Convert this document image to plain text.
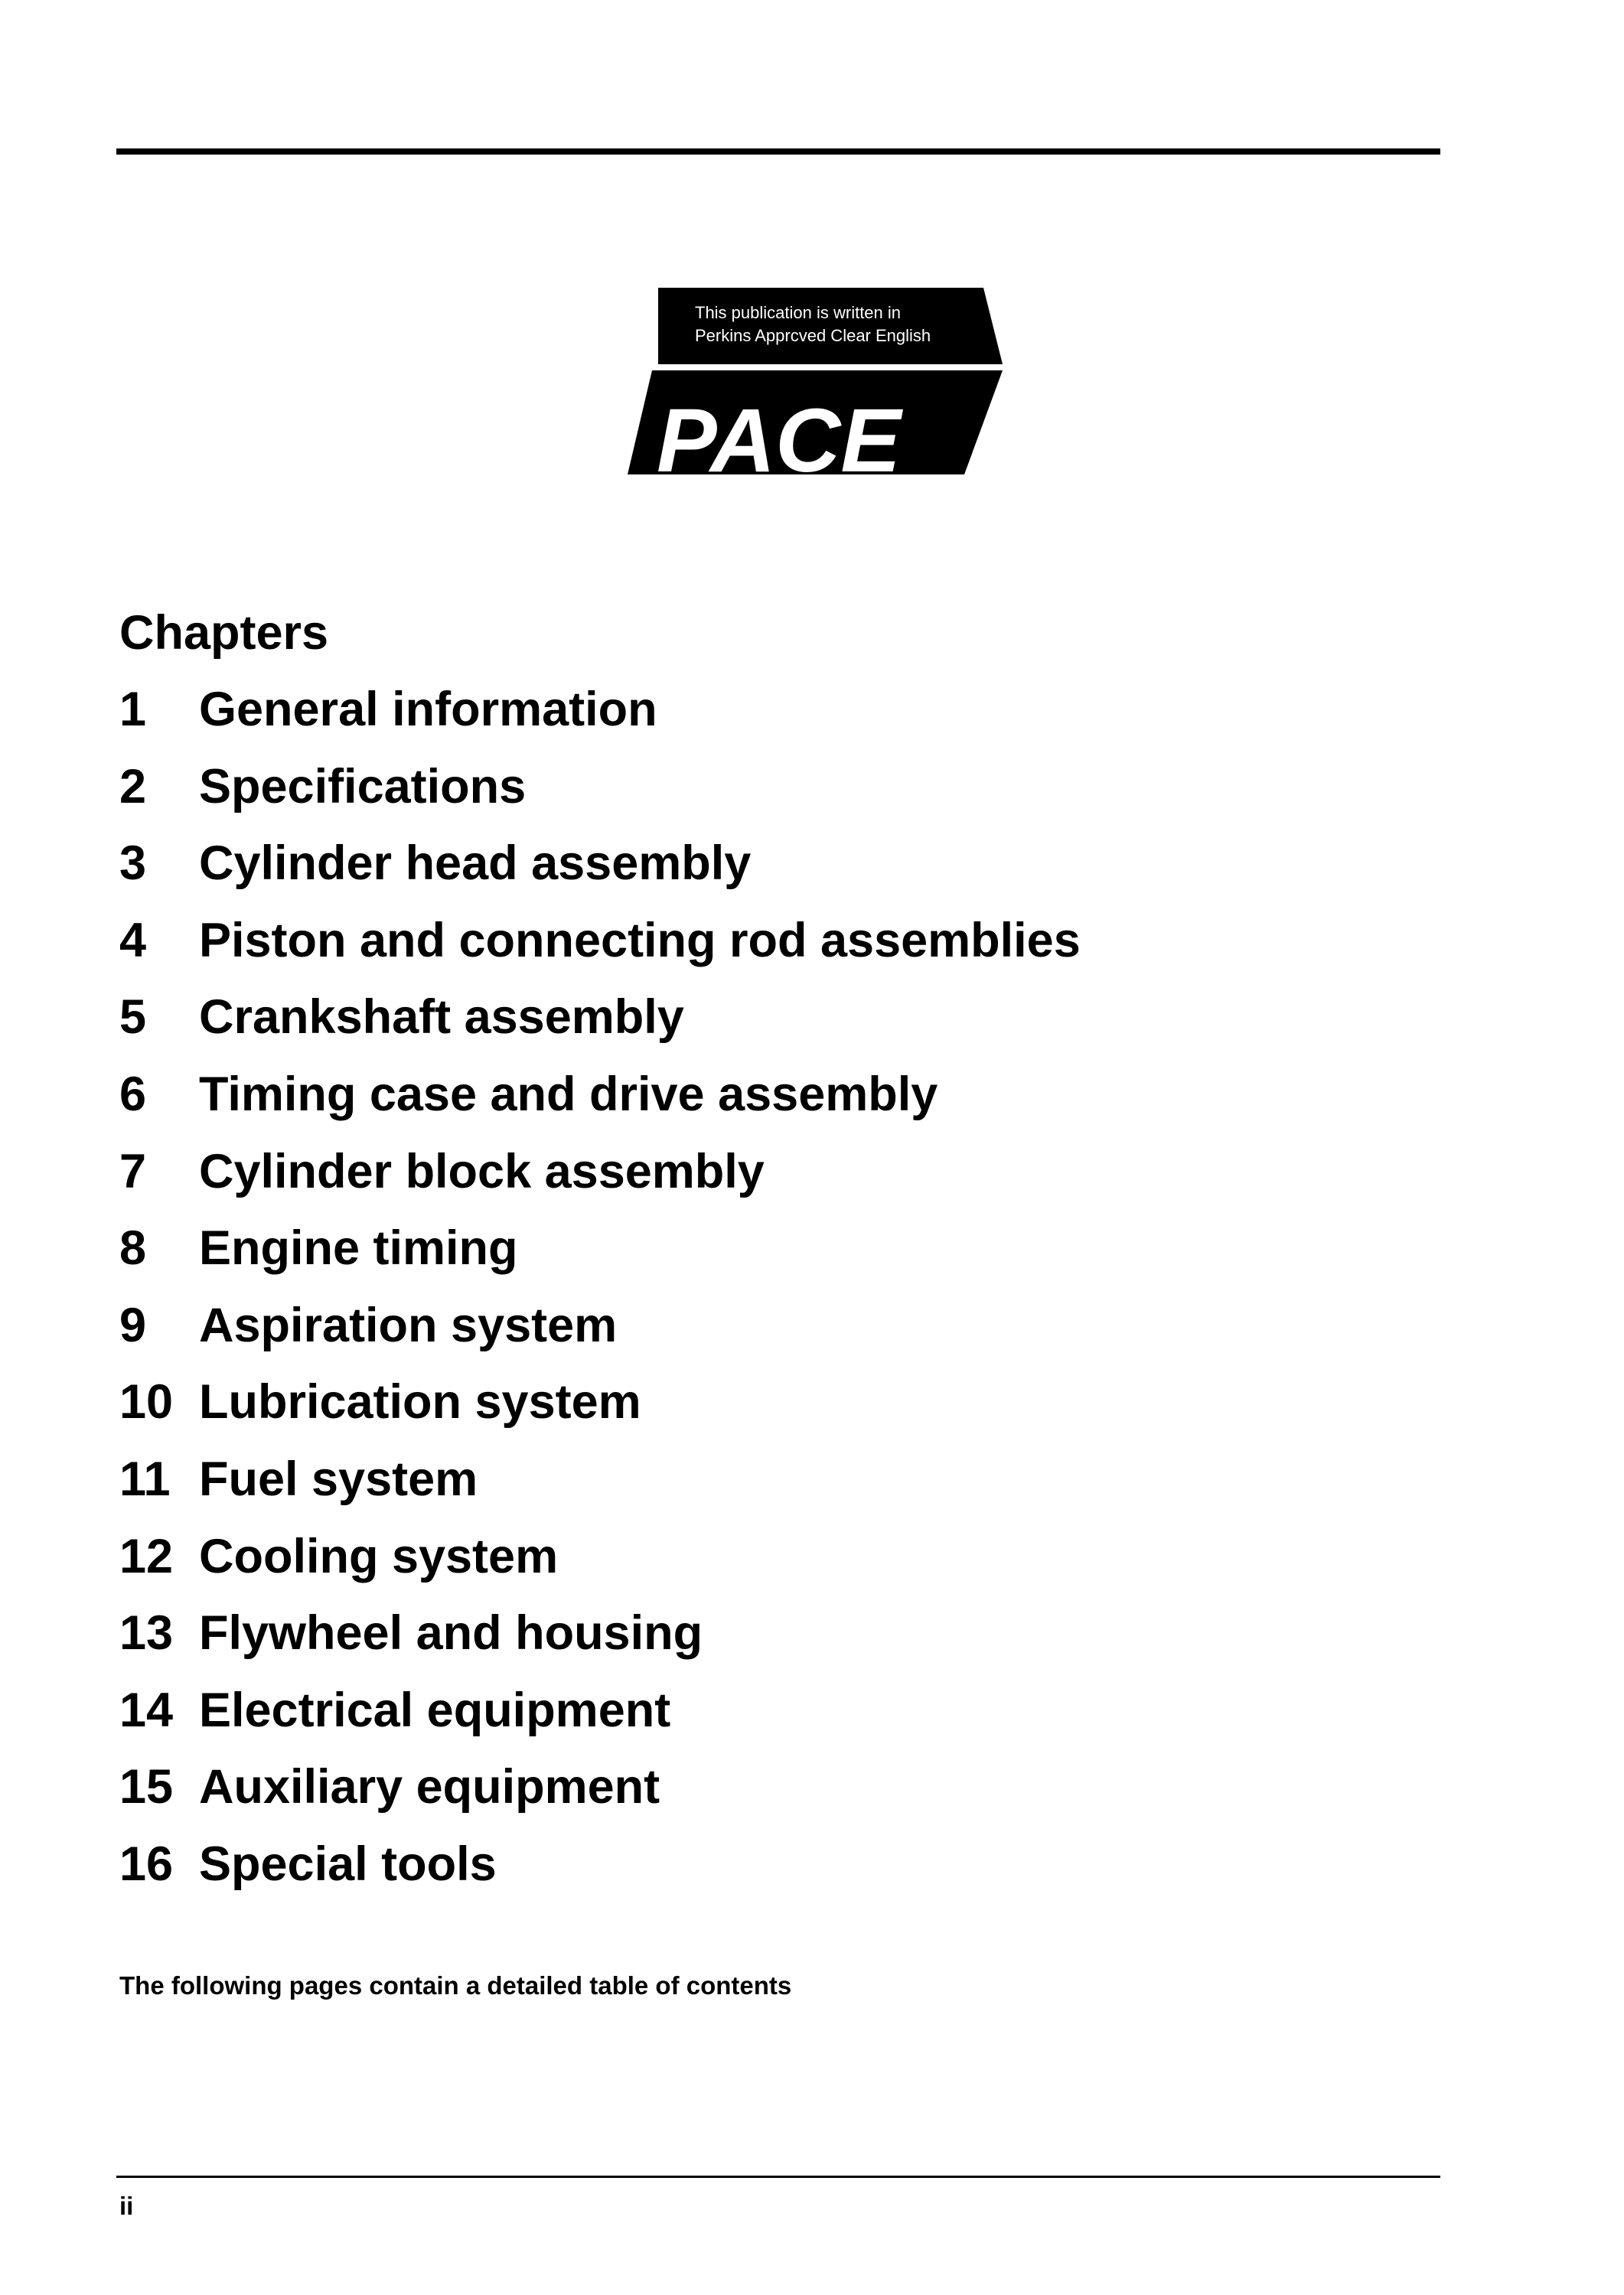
This publication is written in
Perkins Apprcved Clear English
PACE
Chapters
1	General information
2	Specifications
3	Cylinder head assembly
4	Piston and connecting rod assemblies
5	Crankshaft assembly
6	Timing case and drive assembly
7	Cylinder block assembly
8	Engine timing
9	Aspiration system
10 Lubrication system
11 Fuel system
12 Cooling system
13 Flywheel and housing
14 Electrical equipment
15 Auxiliary equipment
16 Special tools

The following pages contain a detailed table of contents

ii
